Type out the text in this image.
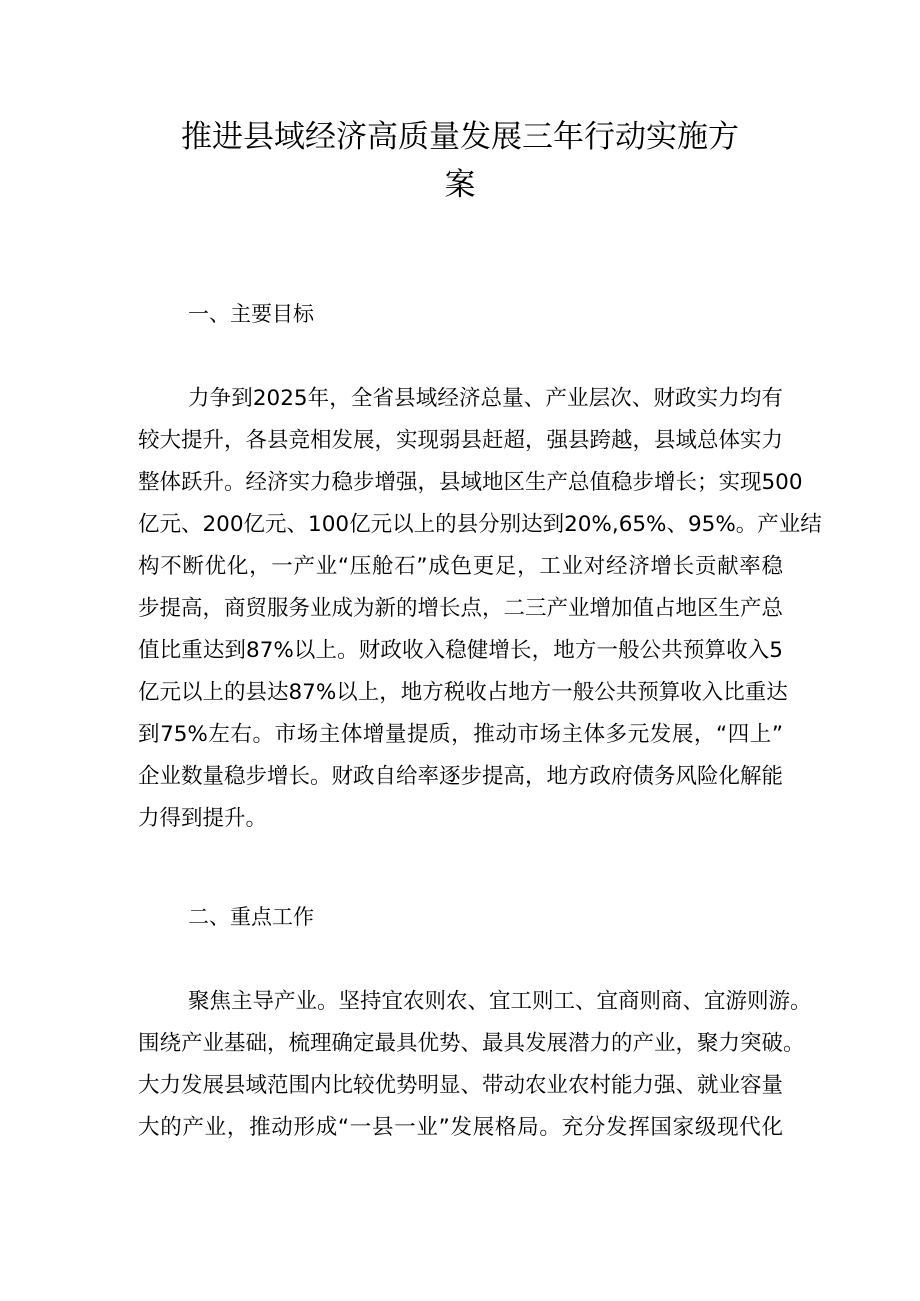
推进县域经济高质量发展三年行动实施方
案
一、主要目标
力争到2025年，全省县域经济总量、产业层次、财政实力均有
较大提升，各县竞相发展，实现弱县赶超，强县跨越，县域总体实力
整体跃升。经济实力稳步增强，县域地区生产总值稳步增长；实现500
亿元、200亿元、100亿元以上的县分别达到20%,65%、95%。产业结
构不断优化，一产业“压舱石”成色更足，工业对经济增长贡献率稳
步提高，商贸服务业成为新的增长点，二三产业增加值占地区生产总
值比重达到87%以上。财政收入稳健增长，地方一般公共预算收入5
亿元以上的县达87%以上，地方税收占地方一般公共预算收入比重达
到75%左右。市场主体增量提质，推动市场主体多元发展，“四上”
企业数量稳步增长。财政自给率逐步提高，地方政府债务风险化解能
力得到提升。
二、重点工作
聚焦主导产业。坚持宜农则农、宜工则工、宜商则商、宜游则游。
围绕产业基础，梳理确定最具优势、最具发展潜力的产业，聚力突破。
大力发展县域范围内比较优势明显、带动农业农村能力强、就业容量
大的产业，推动形成“一县一业”发展格局。充分发挥国家级现代化
